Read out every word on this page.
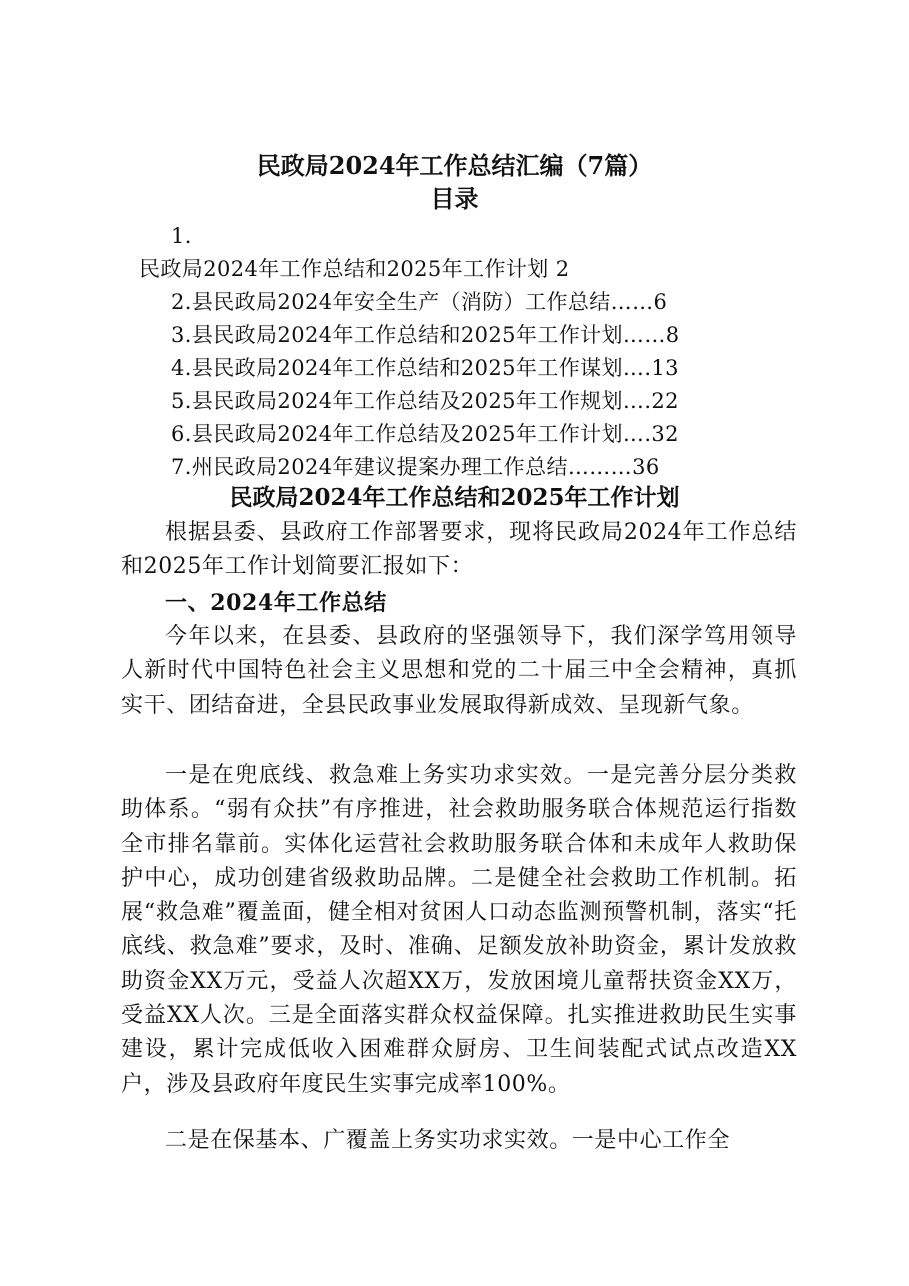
民政局2024年工作总结汇编（7篇）
目录
1.
民政局2024年工作总结和2025年工作计划 2
2.县民政局2024年安全生产（消防）工作总结……6
3.县民政局2024年工作总结和2025年工作计划……8
4.县民政局2024年工作总结和2025年工作谋划….13
5.县民政局2024年工作总结及2025年工作规划….22
6.县民政局2024年工作总结及2025年工作计划….32
7.州民政局2024年建议提案办理工作总结………36
民政局2024年工作总结和2025年工作计划
根据县委、县政府工作部署要求，现将民政局2024年工作总结和2025年工作计划简要汇报如下：
一、2024年工作总结
今年以来，在县委、县政府的坚强领导下，我们深学笃用领导人新时代中国特色社会主义思想和党的二十届三中全会精神，真抓实干、团结奋进，全县民政事业发展取得新成效、呈现新气象。
一是在兜底线、救急难上务实功求实效。一是完善分层分类救助体系。“弱有众扶”有序推进，社会救助服务联合体规范运行指数全市排名靠前。实体化运营社会救助服务联合体和未成年人救助保护中心，成功创建省级救助品牌。二是健全社会救助工作机制。拓展“救急难”覆盖面，健全相对贫困人口动态监测预警机制，落实“托底线、救急难”要求，及时、准确、足额发放补助资金，累计发放救助资金XX万元，受益人次超XX万，发放困境儿童帮扶资金XX万，受益XX人次。三是全面落实群众权益保障。扎实推进救助民生实事建设，累计完成低收入困难群众厨房、卫生间装配式试点改造XX户，涉及县政府年度民生实事完成率100%。
二是在保基本、广覆盖上务实功求实效。一是中心工作全
